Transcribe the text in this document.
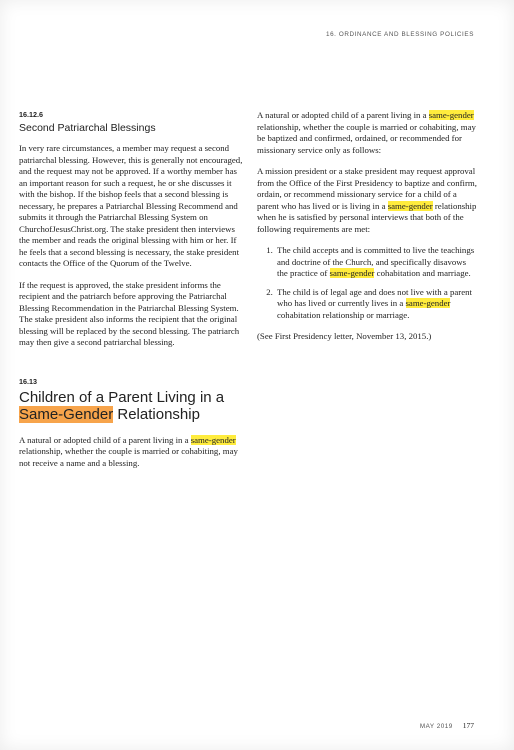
16. ORDINANCE AND BLESSING POLICIES
16.12.6
Second Patriarchal Blessings

In very rare circumstances, a member may request a second patriarchal blessing. However, this is generally not encouraged, and the request may not be approved. If a worthy member has an important reason for such a request, he or she discusses it with the bishop. If the bishop feels that a second blessing is necessary, he prepares a Patriarchal Blessing Recommend and submits it through the Patriarchal Blessing System on ChurchofJesusChrist.org. The stake president then interviews the member and reads the original blessing with him or her. If he feels that a second blessing is necessary, the stake president contacts the Office of the Quorum of the Twelve.

If the request is approved, the stake president informs the recipient and the patriarch before approving the Patriarchal Blessing Recommendation in the Patriarchal Blessing System. The stake president also informs the recipient that the original blessing will be replaced by the second blessing. The patriarch may then give a second patriarchal blessing.

16.13
Children of a Parent Living in a
Same-Gender Relationship

A natural or adopted child of a parent living in a same-gender relationship, whether the couple is married or cohabiting, may not receive a name and a blessing.

A natural or adopted child of a parent living in a same-gender relationship, whether the couple is married or cohabiting, may be baptized and confirmed, ordained, or recommended for missionary service only as follows:

A mission president or a stake president may request approval from the Office of the First Presidency to baptize and confirm, ordain, or recommend missionary service for a child of a parent who has lived or is living in a same-gender relationship when he is satisfied by personal interviews that both of the following requirements are met:

1. The child accepts and is committed to live the teachings and doctrine of the Church, and specifically disavows the practice of same-gender cohabitation and marriage.
2. The child is of legal age and does not live with a parent who has lived or currently lives in a same-gender cohabitation relationship or marriage.

(See First Presidency letter, November 13, 2015.)

MAY 2019 177
